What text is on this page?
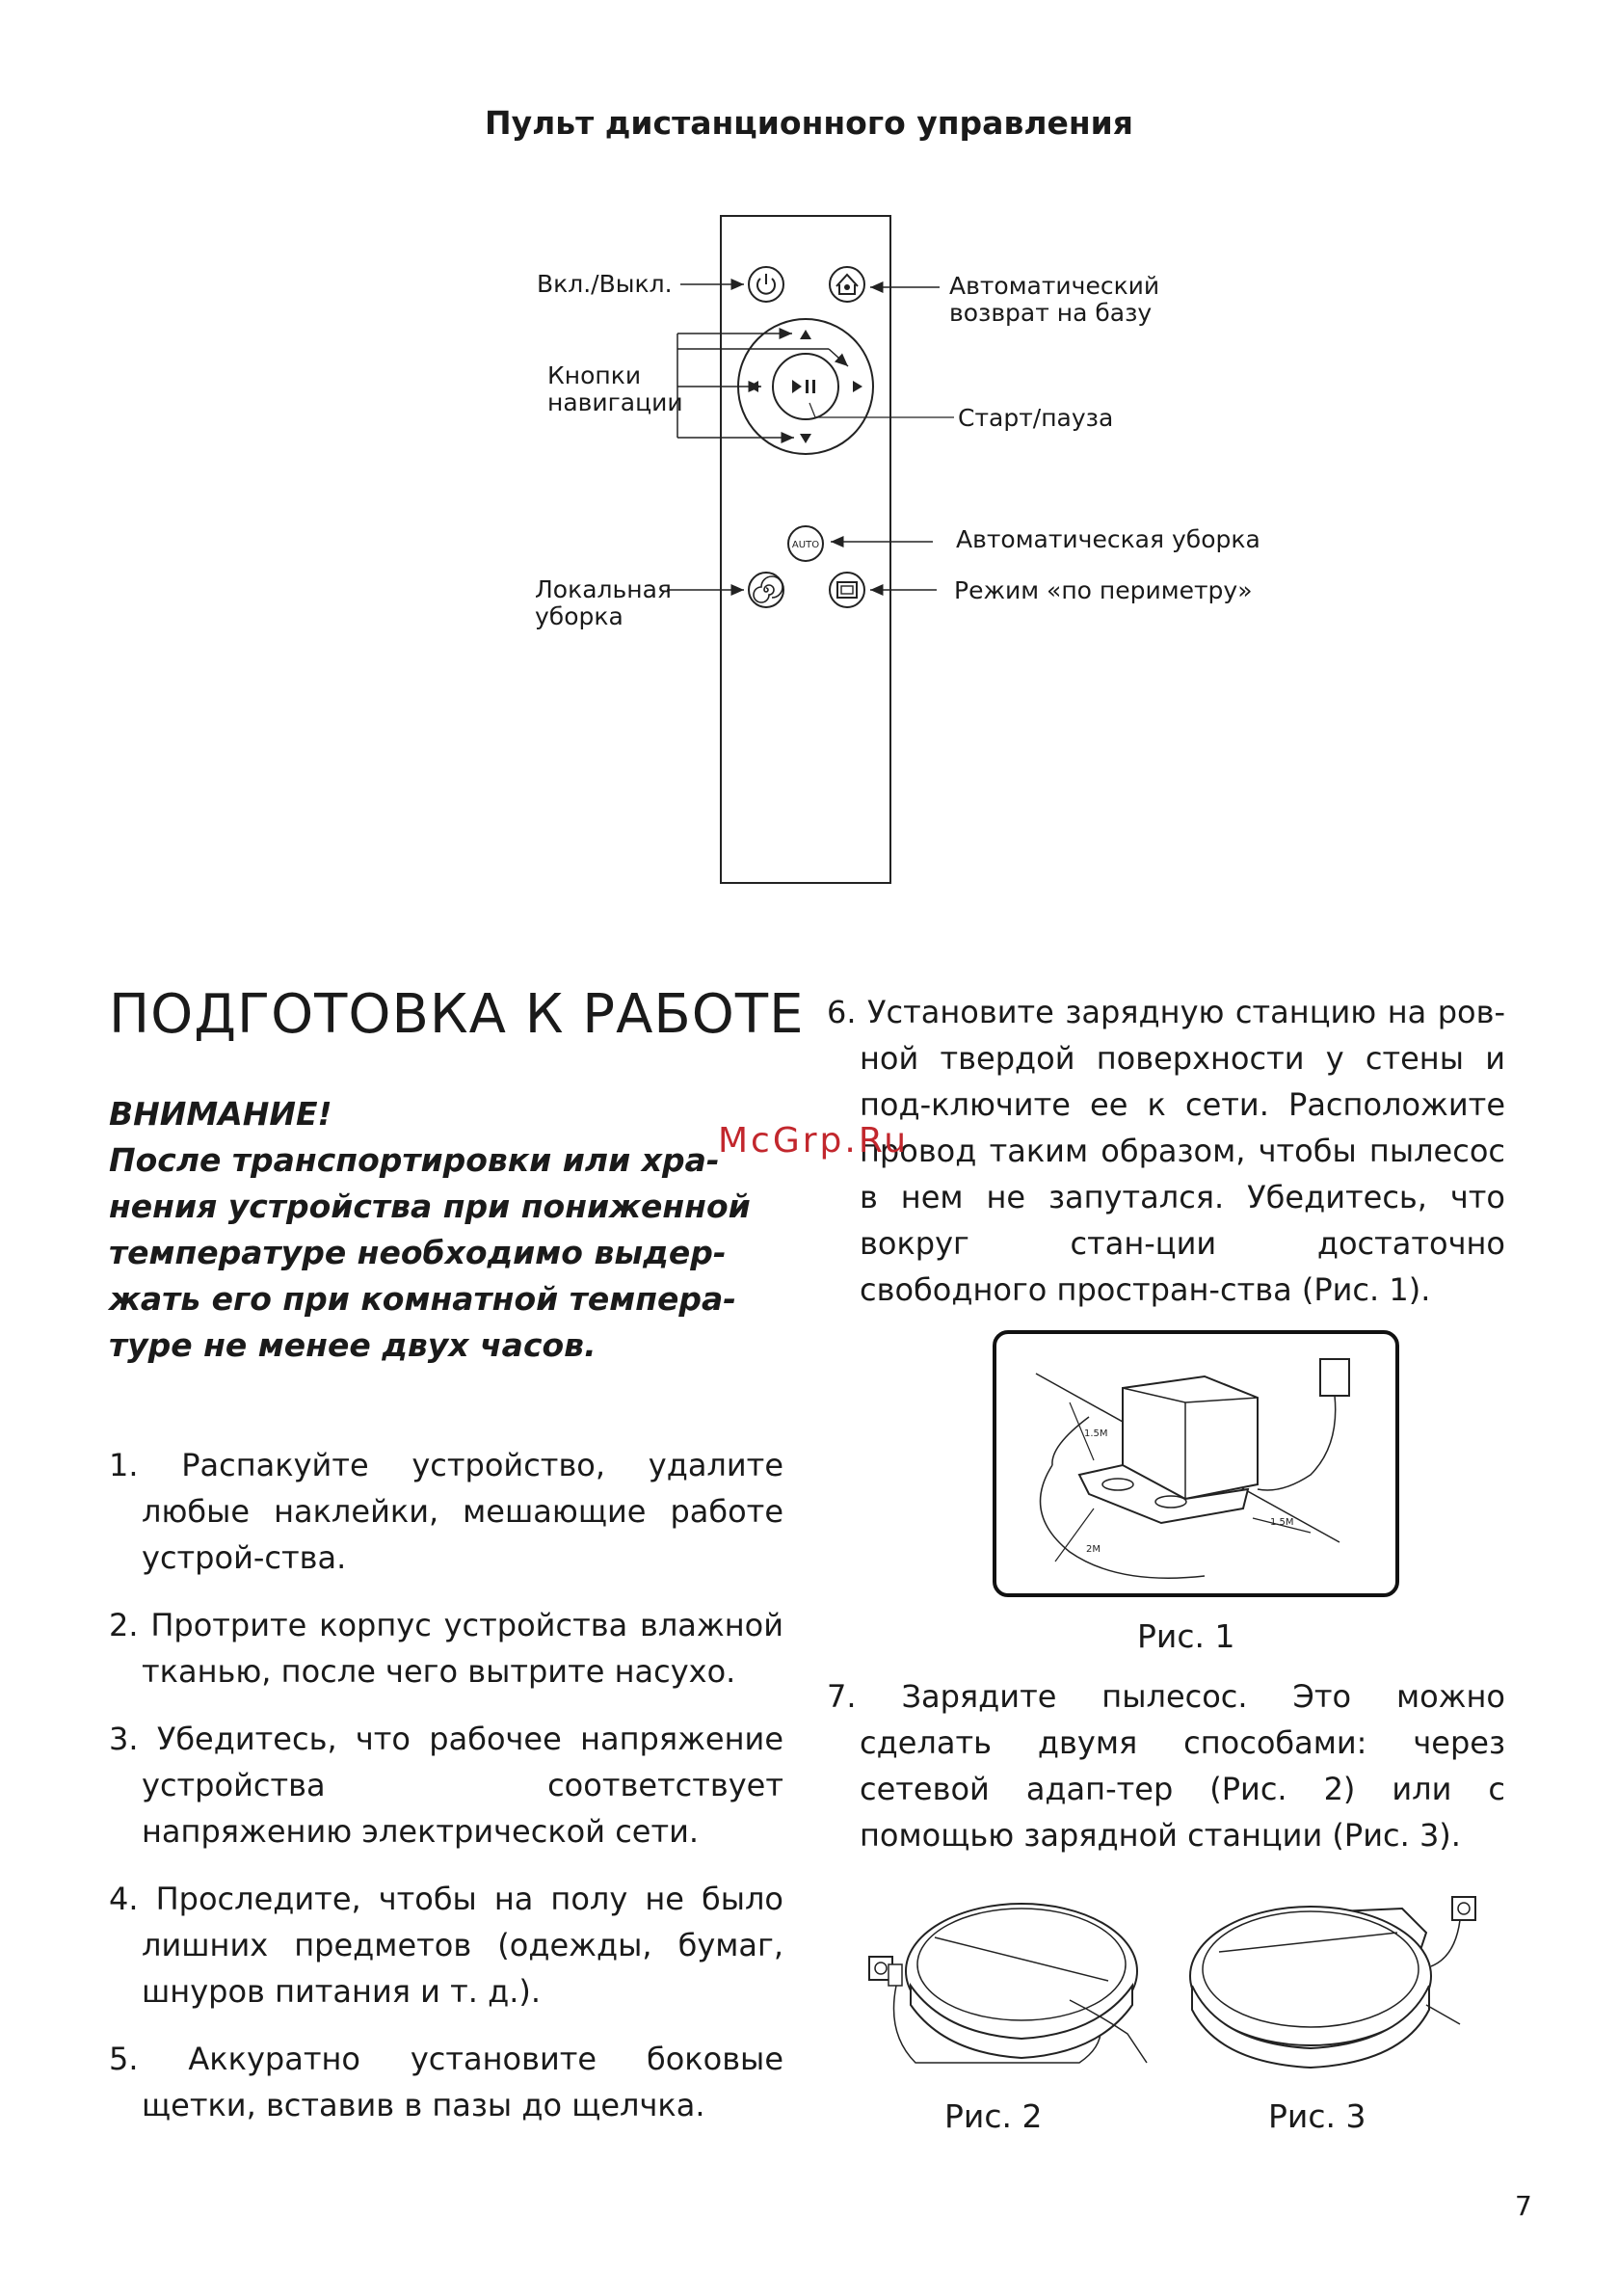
Пульт дистанционного управления
AUTO
Вкл./Выкл.	Автоматический
возврат на базу
Кнопки
навигации
Старт/пауза
Автоматическая уборка
Локальная
уборка
Режим «по периметру»
ПОДГОТОВКА К РАБОТЕ
ВНИМАНИЕ!
После транспортировки или хра-
нения устройства при пониженной
температуре необходимо выдер-
жать его при комнатной темпера-
туре не менее двух часов.
1. Распакуйте устройство, удалите любые наклейки, мешающие работе устрой-ства.
2. Протрите корпус устройства влажной тканью, после чего вытрите насухо.
3. Убедитесь, что рабочее напряжение устройства соответствует напряжению электрической сети.
4. Проследите, чтобы на полу не было лишних предметов (одежды, бумаг, шнуров питания и т. д.).
5. Аккуратно установите боковые щетки, вставив в пазы до щелчка.
6. Установите зарядную станцию на ров-ной твердой поверхности у стены и под-ключите ее к сети. Расположите провод таким образом, чтобы пылесос в нем не запутался. Убедитесь, что вокруг стан-ции достаточно свободного простран-ства (Рис. 1).
7. Зарядите пылесос. Это можно сделать двумя способами: через сетевой адап-тер (Рис. 2) или с помощью зарядной станции (Рис. 3).
McGrp.Ru
1.5M
2M
1.5M
Рис. 1
Рис. 2	Рис. 3
7
